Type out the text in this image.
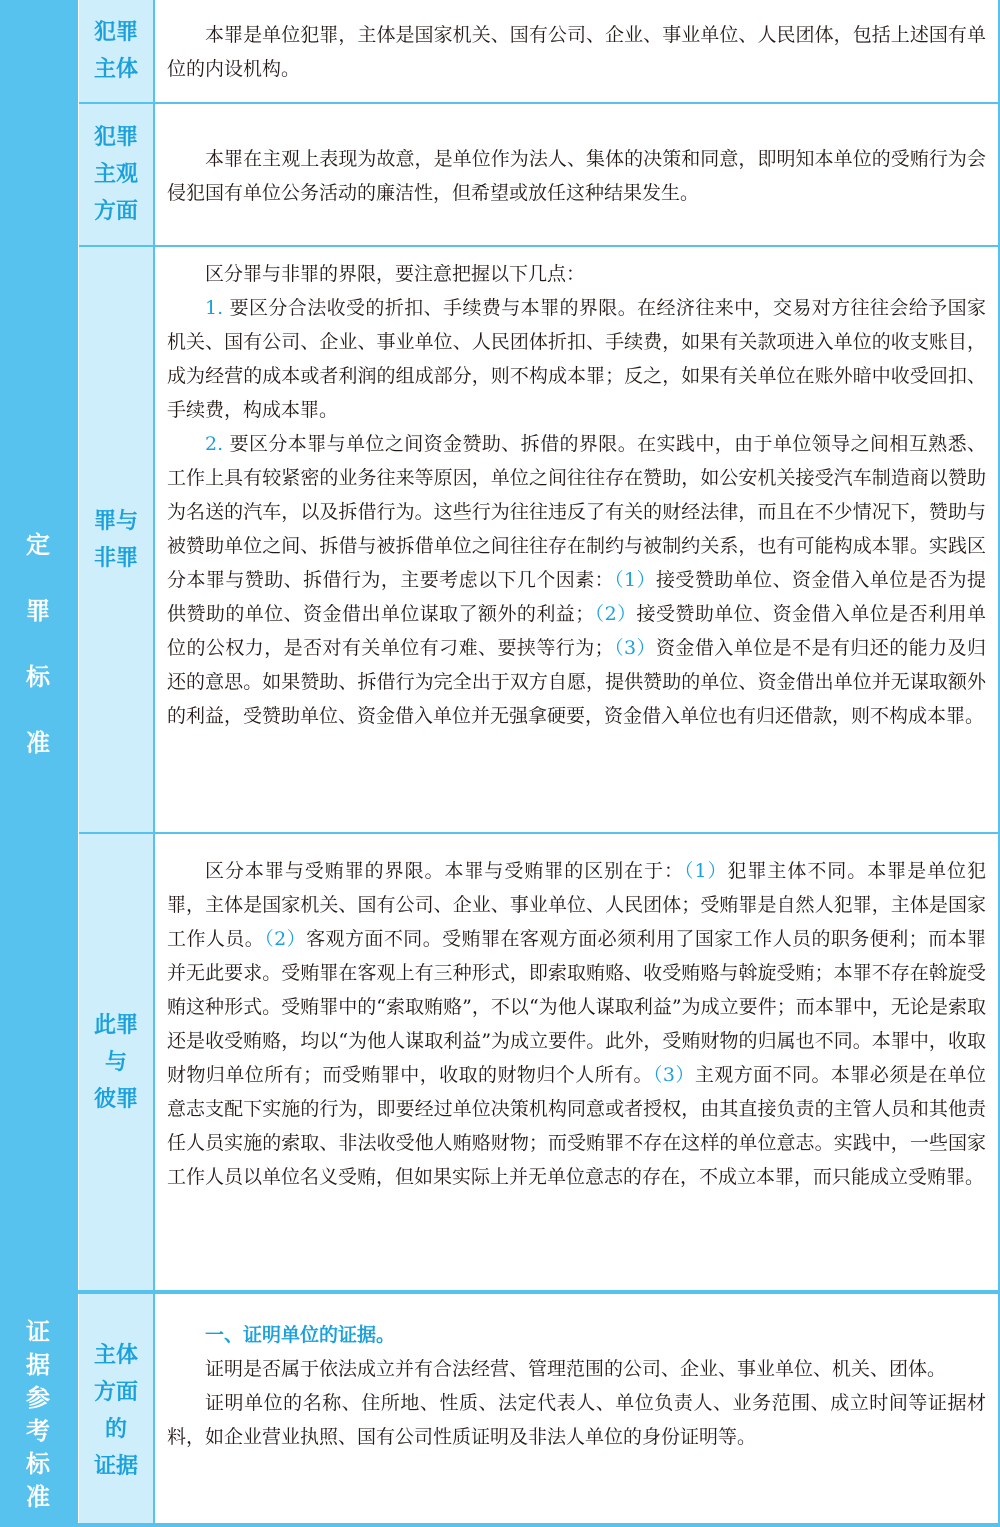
定
罪
标
准
证
据
参
考
标
准
犯罪
主体
犯罪
主观
方面
罪与
非罪
此罪
与
彼罪
主体
方面
的
证据

本罪是单位犯罪，主体是国家机关、国有公司、企业、事业单位、人民团体，包括上述国有单位的内设机构。

本罪在主观上表现为故意，是单位作为法人、集体的决策和同意，即明知本单位的受贿行为会侵犯国有单位公务活动的廉洁性，但希望或放任这种结果发生。

区分罪与非罪的界限，要注意把握以下几点：

1. 要区分合法收受的折扣、手续费与本罪的界限。在经济往来中，交易对方往往会给予国家机关、国有公司、企业、事业单位、人民团体折扣、手续费，如果有关款项进入单位的收支账目，成为经营的成本或者利润的组成部分，则不构成本罪；反之，如果有关单位在账外暗中收受回扣、手续费，构成本罪。

2. 要区分本罪与单位之间资金赞助、拆借的界限。在实践中，由于单位领导之间相互熟悉、工作上具有较紧密的业务往来等原因，单位之间往往存在赞助，如公安机关接受汽车制造商以赞助为名送的汽车，以及拆借行为。这些行为往往违反了有关的财经法律，而且在不少情况下，赞助与被赞助单位之间、拆借与被拆借单位之间往往存在制约与被制约关系，也有可能构成本罪。实践区分本罪与赞助、拆借行为，主要考虑以下几个因素：（1）接受赞助单位、资金借入单位是否为提供赞助的单位、资金借出单位谋取了额外的利益；（2）接受赞助单位、资金借入单位是否利用单位的公权力，是否对有关单位有刁难、要挟等行为；（3）资金借入单位是不是有归还的能力及归还的意思。如果赞助、拆借行为完全出于双方自愿，提供赞助的单位、资金借出单位并无谋取额外的利益，受赞助单位、资金借入单位并无强拿硬要，资金借入单位也有归还借款，则不构成本罪。

区分本罪与受贿罪的界限。本罪与受贿罪的区别在于：（1）犯罪主体不同。本罪是单位犯罪，主体是国家机关、国有公司、企业、事业单位、人民团体；受贿罪是自然人犯罪，主体是国家工作人员。（2）客观方面不同。受贿罪在客观方面必须利用了国家工作人员的职务便利；而本罪并无此要求。受贿罪在客观上有三种形式，即索取贿赂、收受贿赂与斡旋受贿；本罪不存在斡旋受贿这种形式。受贿罪中的“索取贿赂”，不以“为他人谋取利益”为成立要件；而本罪中，无论是索取还是收受贿赂，均以“为他人谋取利益”为成立要件。此外，受贿财物的归属也不同。本罪中，收取财物归单位所有；而受贿罪中，收取的财物归个人所有。（3）主观方面不同。本罪必须是在单位意志支配下实施的行为，即要经过单位决策机构同意或者授权，由其直接负责的主管人员和其他责任人员实施的索取、非法收受他人贿赂财物；而受贿罪不存在这样的单位意志。实践中，一些国家工作人员以单位名义受贿，但如果实际上并无单位意志的存在，不成立本罪，而只能成立受贿罪。

一、证明单位的证据。

证明是否属于依法成立并有合法经营、管理范围的公司、企业、事业单位、机关、团体。

证明单位的名称、住所地、性质、法定代表人、单位负责人、业务范围、成立时间等证据材料，如企业营业执照、国有公司性质证明及非法人单位的身份证明等。
